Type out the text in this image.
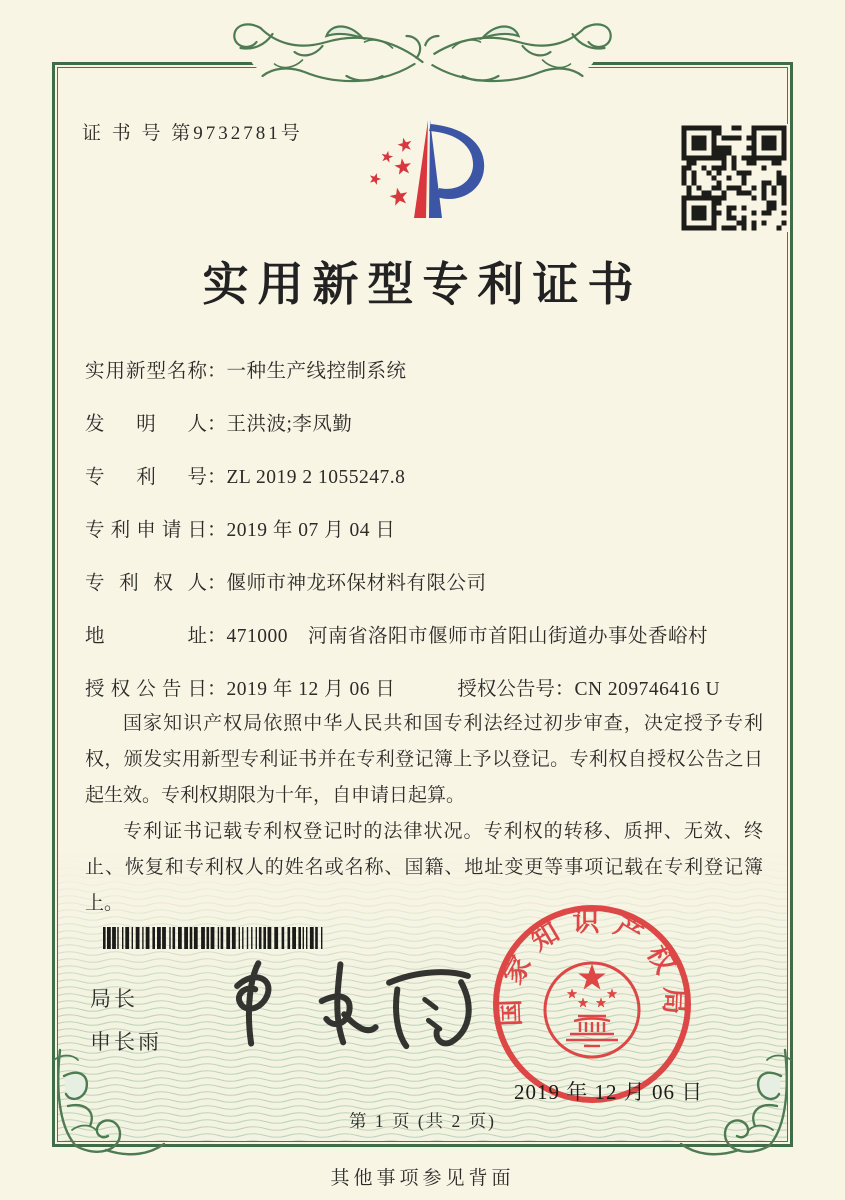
证 书 号 第9732781号
实用新型专利证书
实用新型名称 ： 一种生产线控制系统
发明人 ： 王洪波;李凤勤
专利号 ： ZL 2019 2 1055247.8
专利申请日 ： 2019 年 07 月 04 日
专利权人 ： 偃师市神龙环保材料有限公司
地址 ： 471000　河南省洛阳市偃师市首阳山街道办事处香峪村
授权公告日 ： 2019 年 12 月 06 日	授权公告号 ： CN 209746416 U

国家知识产权局依照中华人民共和国专利法经过初步审查，决定授予专利权，颁发实用新型专利证书并在专利登记簿上予以登记。专利权自授权公告之日起生效。专利权期限为十年，自申请日起算。

专利证书记载专利权登记时的法律状况。专利权的转移、质押、无效、终止、恢复和专利权人的姓名或名称、国籍、地址变更等事项记载在专利登记簿上。

局长
申长雨
国家知识产权局
2019 年 12 月 06 日
第 1 页 (共 2 页)
其他事项参见背面
